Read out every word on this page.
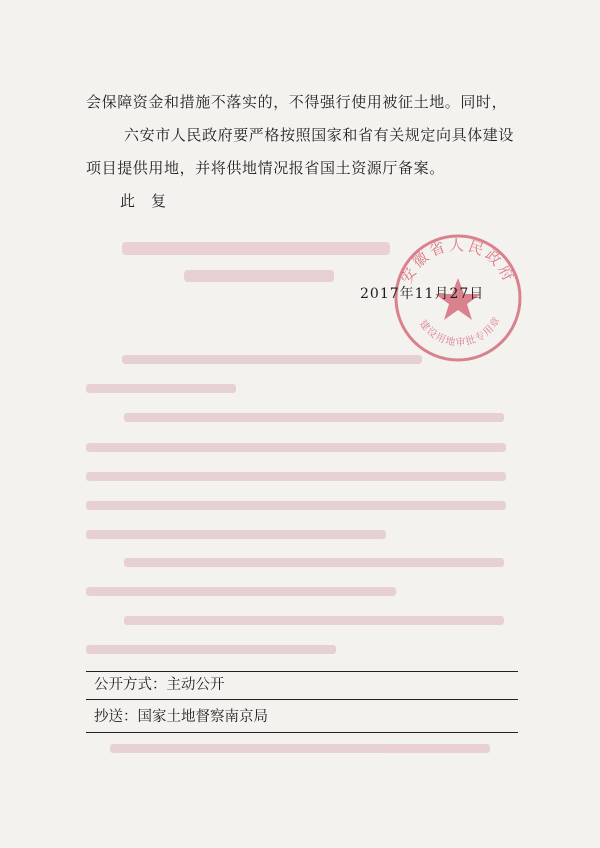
会保障资金和措施不落实的，不得强行使用被征土地。同时，

六安市人民政府要严格按照国家和省有关规定向具体建设

项目提供用地，并将供地情况报省国土资源厅备案。

此复

安徽省人民政府
建设用地审批专用章
2017年11月27日
公开方式：主动公开
抄送：国家土地督察南京局
